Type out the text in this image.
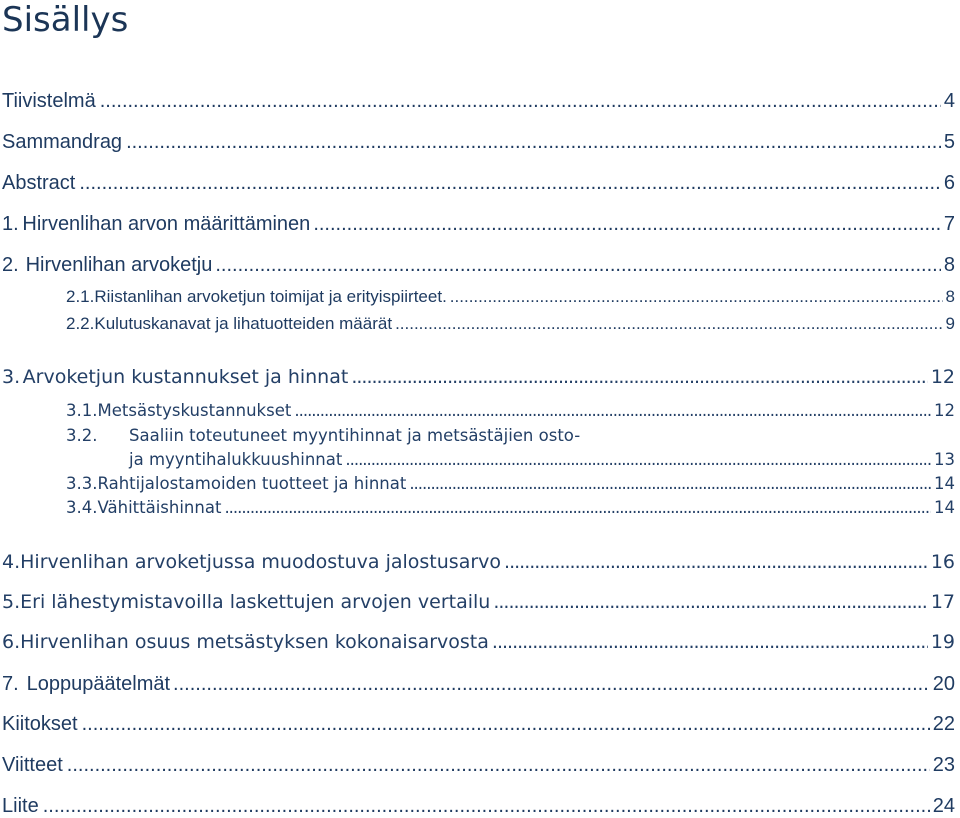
Sisällys
Tiivistelmä .....	4
Sammandrag .....	5
Abstract .....	6
1. Hirvenlihan arvon määrittäminen .....	7
2. Hirvenlihan arvoketju .....	8
2.1. Riistanlihan arvoketjun toimijat ja erityispiirteet. .....	8
2.2. Kulutuskanavat ja lihatuotteiden määrät .....	9
3. Arvoketjun kustannukset ja hinnat .....	12
3.1. Metsästyskustannukset .....	12
3.2.	Saaliin toteutuneet myyntihinnat ja metsästäjien osto-
ja myyntihalukkuushinnat .....	13
3.3. Rahtijalostamoiden tuotteet ja hinnat .....	14
3.4. Vähittäishinnat .....	14
4. Hirvenlihan arvoketjussa muodostuva jalostusarvo .....	16
5. Eri lähestymistavoilla laskettujen arvojen vertailu .....	17
6. Hirvenlihan osuus metsästyksen kokonaisarvosta .....	19
7. Loppupäätelmät .....	20
Kiitokset .....	22
Viitteet .....	23
Liite .....	24
